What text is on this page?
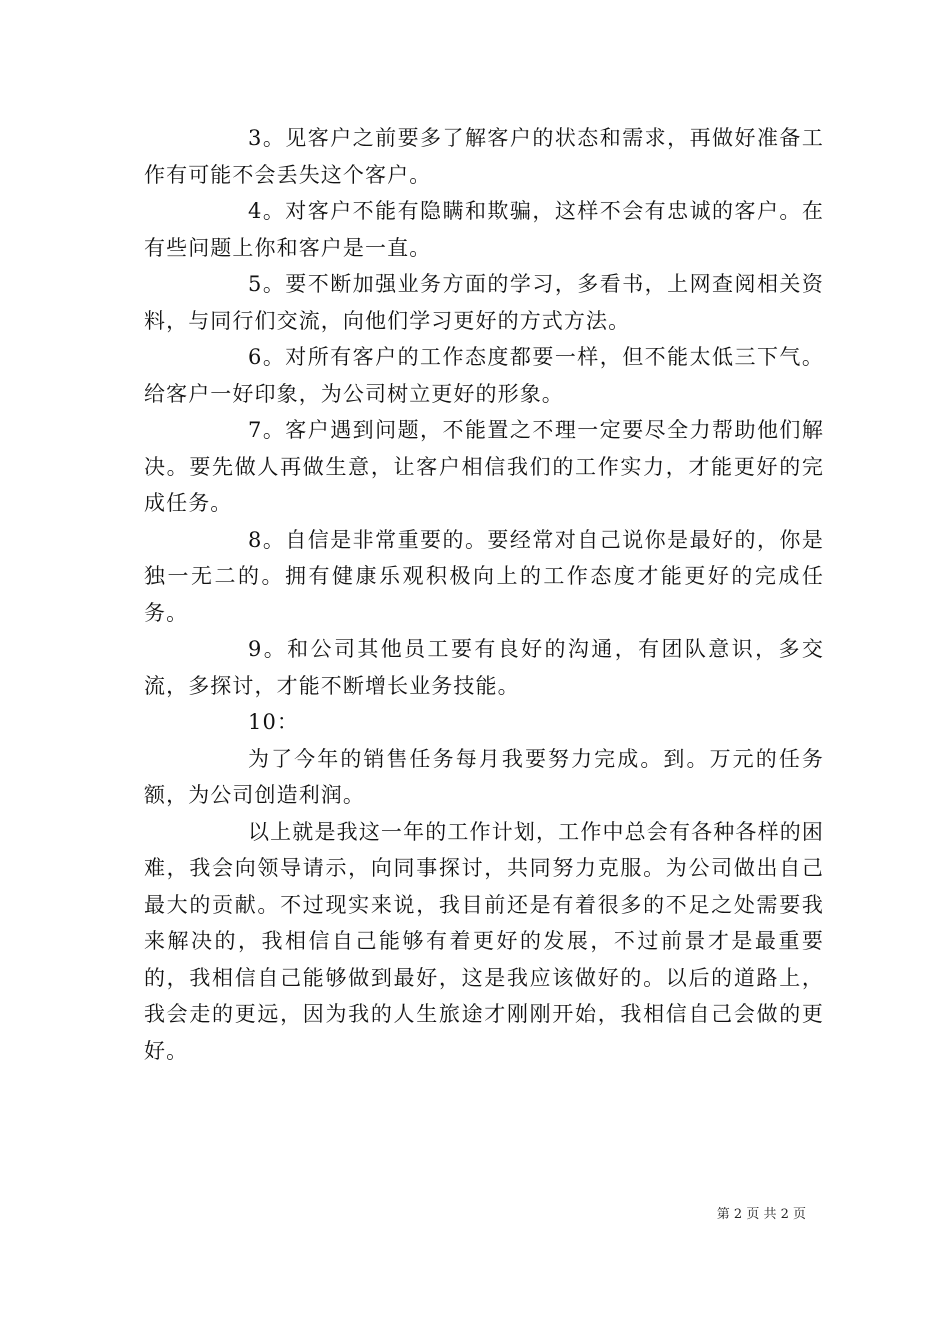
3。见客户之前要多了解客户的状态和需求，再做好准备工作有可能不会丢失这个客户。

4。对客户不能有隐瞒和欺骗，这样不会有忠诚的客户。在有些问题上你和客户是一直。

5。要不断加强业务方面的学习，多看书，上网查阅相关资料，与同行们交流，向他们学习更好的方式方法。

6。对所有客户的工作态度都要一样，但不能太低三下气。给客户一好印象，为公司树立更好的形象。

7。客户遇到问题，不能置之不理一定要尽全力帮助他们解决。要先做人再做生意，让客户相信我们的工作实力，才能更好的完成任务。

8。自信是非常重要的。要经常对自己说你是最好的，你是独一无二的。拥有健康乐观积极向上的工作态度才能更好的完成任务。

9。和公司其他员工要有良好的沟通，有团队意识，多交流，多探讨，才能不断增长业务技能。

10：

为了今年的销售任务每月我要努力完成。到。万元的任务额，为公司创造利润。

以上就是我这一年的工作计划，工作中总会有各种各样的困难，我会向领导请示，向同事探讨，共同努力克服。为公司做出自己最大的贡献。不过现实来说，我目前还是有着很多的不足之处需要我来解决的，我相信自己能够有着更好的发展，不过前景才是最重要的，我相信自己能够做到最好，这是我应该做好的。以后的道路上，我会走的更远，因为我的人生旅途才刚刚开始，我相信自己会做的更好。

第 2 页 共 2 页
